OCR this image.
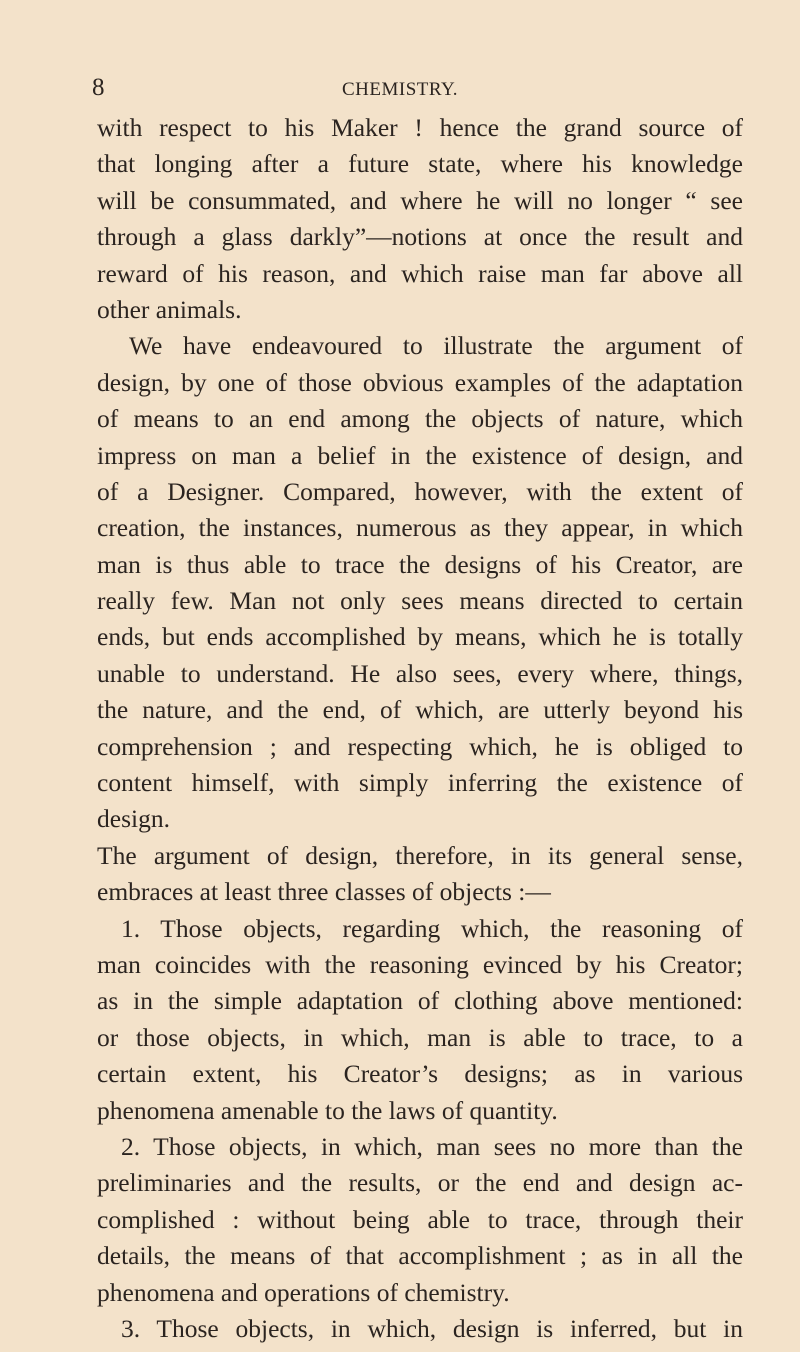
8	CHEMISTRY.
with respect to his Maker ! hence the grand source of
that longing after a future state, where his knowledge
will be consummated, and where he will no longer “ see
through a glass darkly”—notions at once the result and
reward of his reason, and which raise man far above all
other animals.
We have endeavoured to illustrate the argument of
design, by one of those obvious examples of the adaptation
of means to an end among the objects of nature, which
impress on man a belief in the existence of design, and
of a Designer. Compared, however, with the extent of
creation, the instances, numerous as they appear, in which
man is thus able to trace the designs of his Creator, are
really few. Man not only sees means directed to certain
ends, but ends accomplished by means, which he is totally
unable to understand. He also sees, every where, things,
the nature, and the end, of which, are utterly beyond his
comprehension ; and respecting which, he is obliged to
content himself, with simply inferring the existence of
design.
The argument of design, therefore, in its general sense,
embraces at least three classes of objects :—
1. Those objects, regarding which, the reasoning of
man coincides with the reasoning evinced by his Creator;
as in the simple adaptation of clothing above mentioned:
or those objects, in which, man is able to trace, to a
certain extent, his Creator’s designs; as in various
phenomena amenable to the laws of quantity.
2. Those objects, in which, man sees no more than the
preliminaries and the results, or the end and design ac-
complished : without being able to trace, through their
details, the means of that accomplishment ; as in all the
phenomena and operations of chemistry.
3. Those objects, in which, design is inferred, but in
